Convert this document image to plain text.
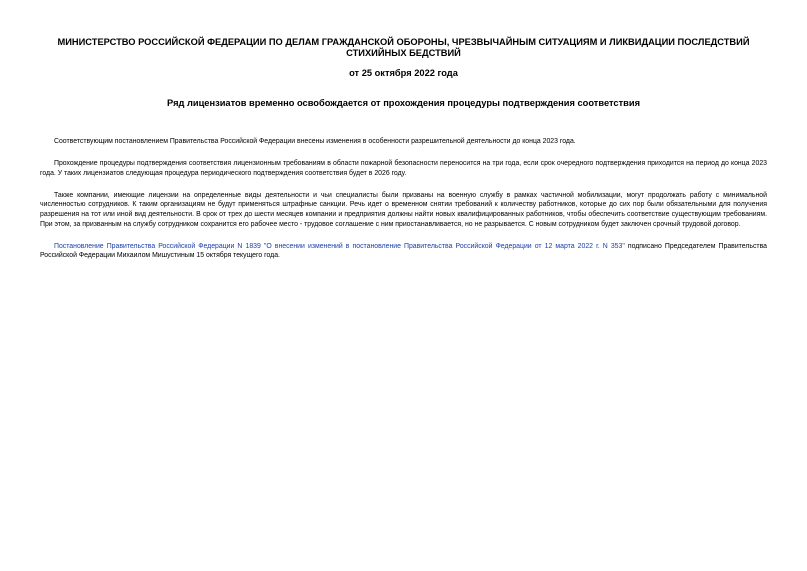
МИНИСТЕРСТВО РОССИЙСКОЙ ФЕДЕРАЦИИ ПО ДЕЛАМ ГРАЖДАНСКОЙ ОБОРОНЫ, ЧРЕЗВЫЧАЙНЫМ СИТУАЦИЯМ И ЛИКВИДАЦИИ ПОСЛЕДСТВИЙ СТИХИЙНЫХ БЕДСТВИЙ
от 25 октября 2022 года
Ряд лицензиатов временно освобождается от прохождения процедуры подтверждения соответствия

Соответствующим постановлением Правительства Российской Федерации внесены изменения в особенности разрешительной деятельности до конца 2023 года.

Прохождение процедуры подтверждения соответствия лицензионным требованиям в области пожарной безопасности переносится на три года, если срок очередного подтверждения приходится на период до конца 2023 года. У таких лицензиатов следующая процедура периодического подтверждения соответствия будет в 2026 году.

Также компании, имеющие лицензии на определенные виды деятельности и чьи специалисты были призваны на военную службу в рамках частичной мобилизации, могут продолжать работу с минимальной численностью сотрудников. К таким организациям не будут применяться штрафные санкции. Речь идет о временном снятии требований к количеству работников, которые до сих пор были обязательными для получения разрешения на тот или иной вид деятельности. В срок от трех до шести месяцев компании и предприятия должны найти новых квалифицированных работников, чтобы обеспечить соответствие существующим требованиям. При этом, за призванным на службу сотрудником сохранится его рабочее место - трудовое соглашение с ним приостанавливается, но не разрывается. С новым сотрудником будет заключен срочный трудовой договор.

Постановление Правительства Российской Федерации N 1839 "О внесении изменений в постановление Правительства Российской Федерации от 12 марта 2022 г. N 353" подписано Председателем Правительства Российской Федерации Михаилом Мишустиным 15 октября текущего года.
